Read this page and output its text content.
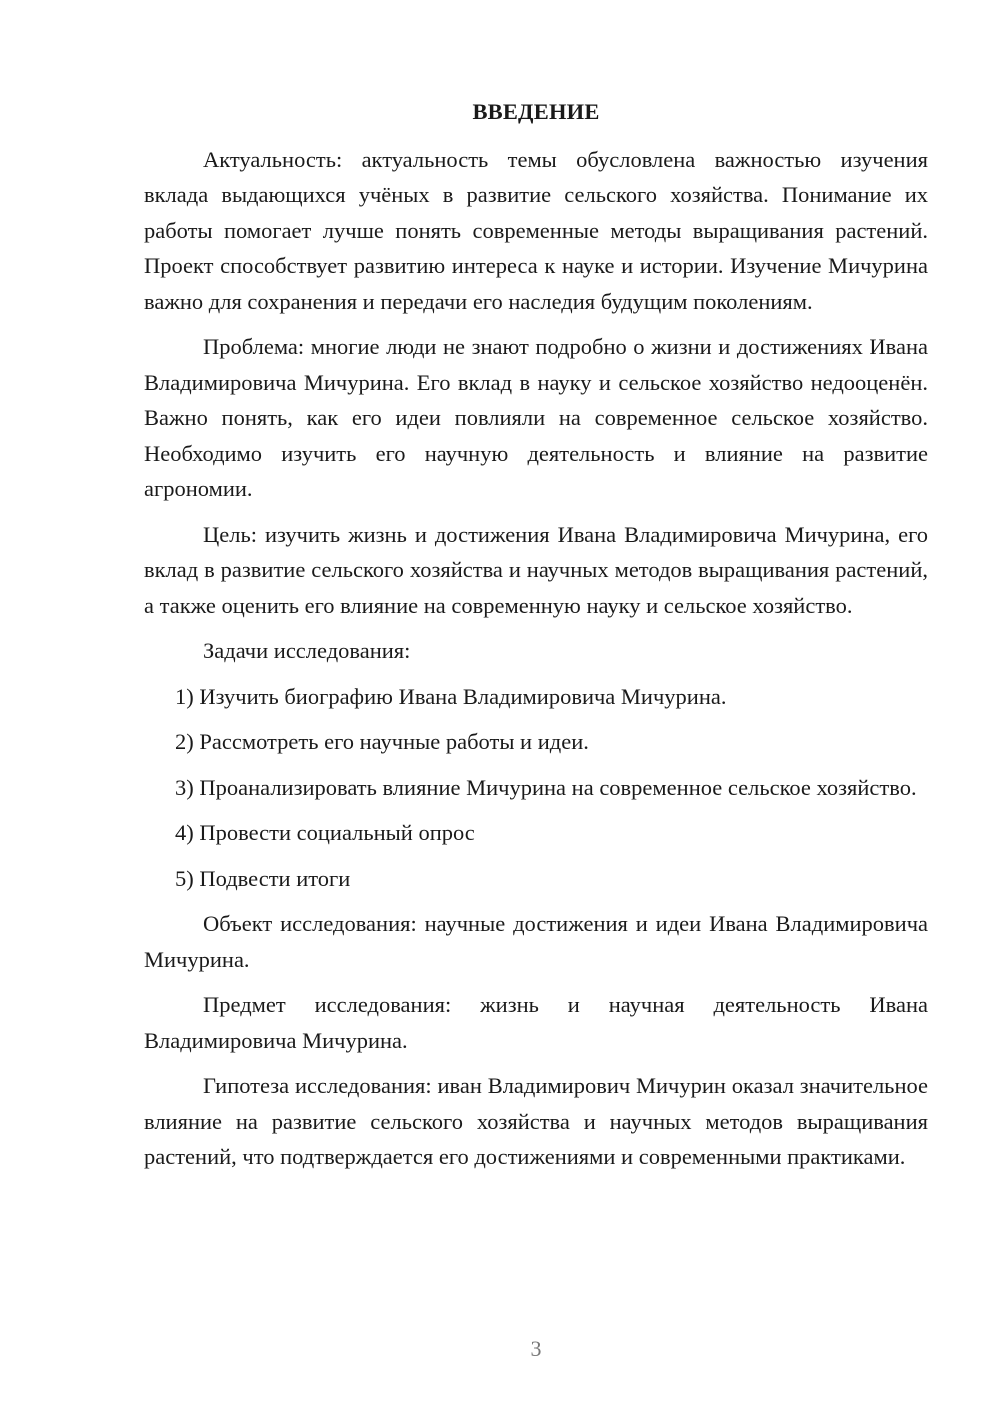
ВВЕДЕНИЕ

Актуальность: актуальность темы обусловлена важностью изучения вклада выдающихся учёных в развитие сельского хозяйства. Понимание их работы помогает лучше понять современные методы выращивания растений. Проект способствует развитию интереса к науке и истории. Изучение Мичурина важно для сохранения и передачи его наследия будущим поколениям.

Проблема: многие люди не знают подробно о жизни и достижениях Ивана Владимировича Мичурина. Его вклад в науку и сельское хозяйство недооценён. Важно понять, как его идеи повлияли на современное сельское хозяйство. Необходимо изучить его научную деятельность и влияние на развитие агрономии.

Цель: изучить жизнь и достижения Ивана Владимировича Мичурина, его вклад в развитие сельского хозяйства и научных методов выращивания растений, а также оценить его влияние на современную науку и сельское хозяйство.

Задачи исследования:

1) Изучить биографию Ивана Владимировича Мичурина.

2) Рассмотреть его научные работы и идеи.

3) Проанализировать влияние Мичурина на современное сельское хозяйство.

4) Провести социальный опрос

5) Подвести итоги

Объект исследования: научные достижения и идеи Ивана Владимировича Мичурина.

Предмет исследования: жизнь и научная деятельность Ивана Владимировича Мичурина.

Гипотеза исследования: иван Владимирович Мичурин оказал значительное влияние на развитие сельского хозяйства и научных методов выращивания растений, что подтверждается его достижениями и современными практиками.

3
